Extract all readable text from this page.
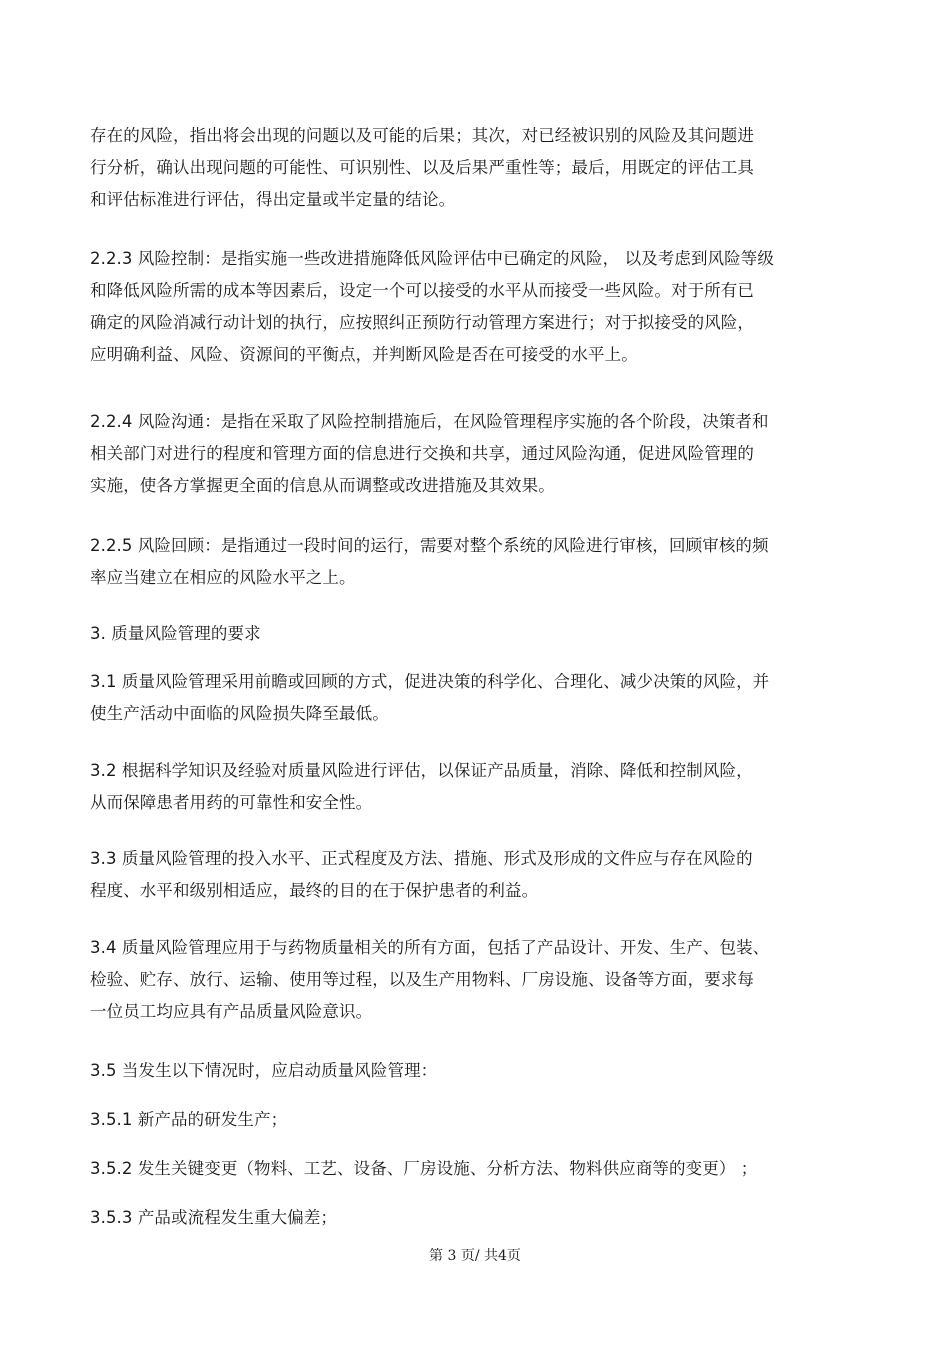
存在的风险，指出将会出现的问题以及可能的后果；其次，对已经被识别的风险及其问题进
行分析，确认出现问题的可能性、可识别性、以及后果严重性等；最后，用既定的评估工具
和评估标准进行评估，得出定量或半定量的结论。
2.2.3 风险控制：是指实施一些改进措施降低风险评估中已确定的风险， 以及考虑到风险等级
和降低风险所需的成本等因素后，设定一个可以接受的水平从而接受一些风险。对于所有已
确定的风险消减行动计划的执行，应按照纠正预防行动管理方案进行；对于拟接受的风险，
应明确利益、风险、资源间的平衡点，并判断风险是否在可接受的水平上。
2.2.4 风险沟通：是指在采取了风险控制措施后，在风险管理程序实施的各个阶段，决策者和
相关部门对进行的程度和管理方面的信息进行交换和共享，通过风险沟通，促进风险管理的
实施，使各方掌握更全面的信息从而调整或改进措施及其效果。
2.2.5 风险回顾：是指通过一段时间的运行，需要对整个系统的风险进行审核，回顾审核的频
率应当建立在相应的风险水平之上。
3. 质量风险管理的要求
3.1 质量风险管理采用前瞻或回顾的方式，促进决策的科学化、合理化、减少决策的风险，并
使生产活动中面临的风险损失降至最低。
3.2 根据科学知识及经验对质量风险进行评估，以保证产品质量，消除、降低和控制风险，
从而保障患者用药的可靠性和安全性。
3.3 质量风险管理的投入水平、正式程度及方法、措施、形式及形成的文件应与存在风险的
程度、水平和级别相适应，最终的目的在于保护患者的利益。
3.4 质量风险管理应用于与药物质量相关的所有方面，包括了产品设计、开发、生产、包装、
检验、贮存、放行、运输、使用等过程，以及生产用物料、厂房设施、设备等方面，要求每
一位员工均应具有产品质量风险意识。
3.5 当发生以下情况时，应启动质量风险管理：
3.5.1 新产品的研发生产；
3.5.2 发生关键变更（物料、工艺、设备、厂房设施、分析方法、物料供应商等的变更） ；
3.5.3 产品或流程发生重大偏差；
第 3 页/ 共4页
